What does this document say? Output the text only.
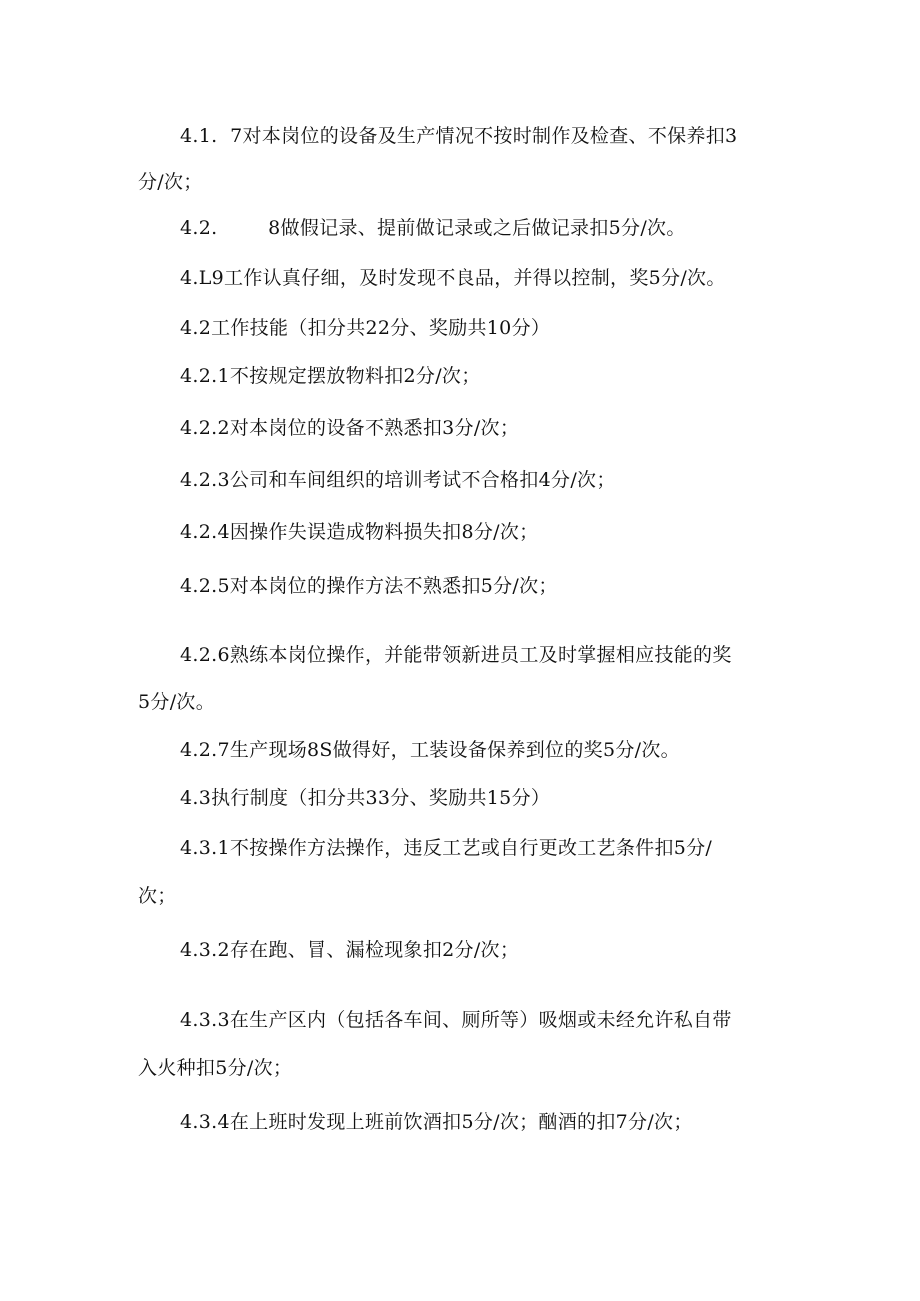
4.1.  7对本岗位的设备及生产情况不按时制作及检查、不保养扣3
分/次；
4.2.        8做假记录、提前做记录或之后做记录扣5分/次。
4.L9工作认真仔细，及时发现不良品，并得以控制，奖5分/次。
4.2工作技能（扣分共22分、奖励共10分）
4.2.1不按规定摆放物料扣2分/次；
4.2.2对本岗位的设备不熟悉扣3分/次；
4.2.3公司和车间组织的培训考试不合格扣4分/次；
4.2.4因操作失误造成物料损失扣8分/次；
4.2.5对本岗位的操作方法不熟悉扣5分/次；
4.2.6熟练本岗位操作，并能带领新进员工及时掌握相应技能的奖
5分/次。
4.2.7生产现场8S做得好，工装设备保养到位的奖5分/次。
4.3执行制度（扣分共33分、奖励共15分）
4.3.1不按操作方法操作，违反工艺或自行更改工艺条件扣5分/
次；
4.3.2存在跑、冒、漏检现象扣2分/次；
4.3.3在生产区内（包括各车间、厕所等）吸烟或未经允许私自带
入火种扣5分/次；
4.3.4在上班时发现上班前饮酒扣5分/次；酗酒的扣7分/次；
